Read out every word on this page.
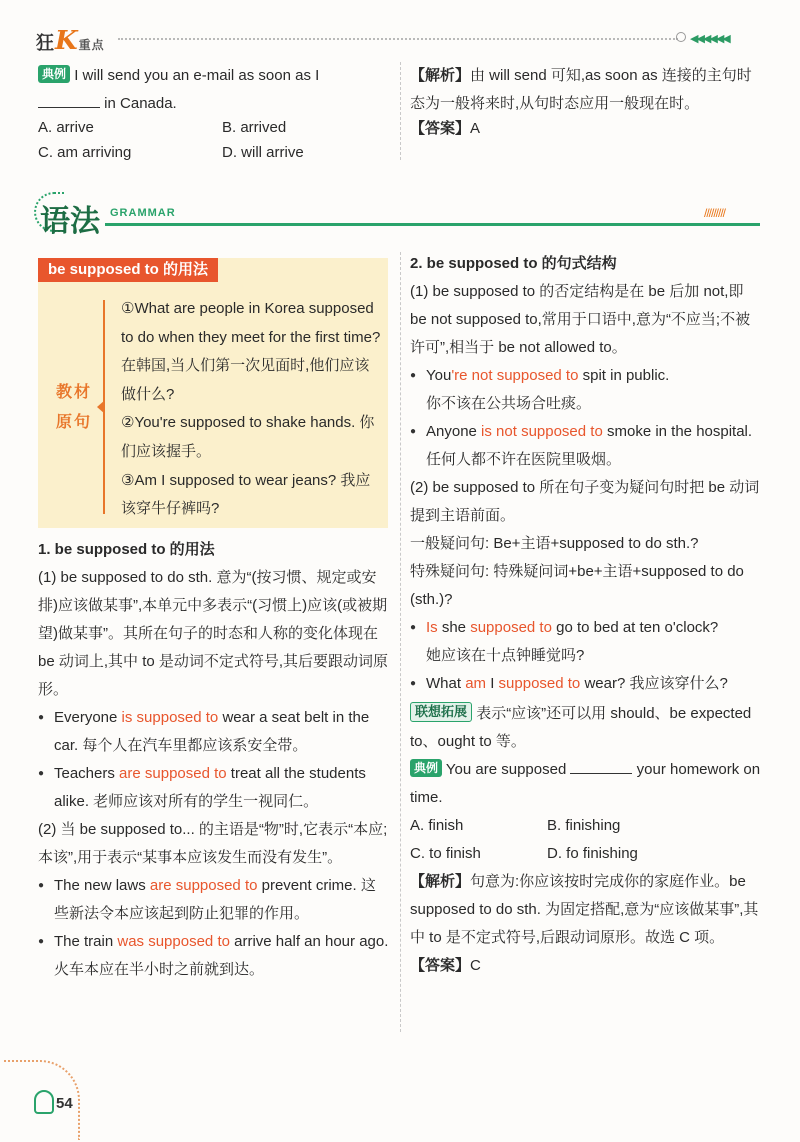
狂K重点	◀◀◀◀◀◀
典例 I will send you an e-mail as soon as I
in Canada.
A. arrive	B. arrived
C. am arriving	D. will arrive
【解析】由 will send 可知,as soon as 连接的主句时态为一般将来时,从句时态应用一般现在时。
【答案】A
语法 GRAMMAR	/////////
be supposed to 的用法
教材原句
①What are people in Korea supposed to do when they meet for the first time? 在韩国,当人们第一次见面时,他们应该做什么?
②You're supposed to shake hands. 你们应该握手。
③Am I supposed to wear jeans? 我应该穿牛仔裤吗?
1. be supposed to 的用法
(1) be supposed to do sth. 意为“(按习惯、规定或安排)应该做某事”,本单元中多表示“(习惯上)应该(或被期望)做某事”。其所在句子的时态和人称的变化体现在 be 动词上,其中 to 是动词不定式符号,其后要跟动词原形。
● Everyone is supposed to wear a seat belt in the car. 每个人在汽车里都应该系安全带。
● Teachers are supposed to treat all the students alike. 老师应该对所有的学生一视同仁。
(2) 当 be supposed to... 的主语是“物”时,它表示“本应;本该”,用于表示“某事本应该发生而没有发生”。
● The new laws are supposed to prevent crime. 这些新法令本应该起到防止犯罪的作用。
● The train was supposed to arrive half an hour ago. 火车本应在半小时之前就到达。
2. be supposed to 的句式结构
(1) be supposed to 的否定结构是在 be 后加 not,即 be not supposed to,常用于口语中,意为“不应当;不被许可”,相当于 be not allowed to。
● You're not supposed to spit in public.
你不该在公共场合吐痰。
● Anyone is not supposed to smoke in the hospital. 任何人都不许在医院里吸烟。
(2) be supposed to 所在句子变为疑问句时把 be 动词提到主语前面。
一般疑问句: Be+主语+supposed to do sth.?
特殊疑问句: 特殊疑问词+be+主语+supposed to do (sth.)?
● Is she supposed to go to bed at ten o'clock?
她应该在十点钟睡觉吗?
● What am I supposed to wear? 我应该穿什么?
联想拓展 表示“应该”还可以用 should、be expected to、ought to 等。
典例 You are supposed	your homework on time.
A. finish	B. finishing
C. to finish	D. fo finishing
【解析】句意为:你应该按时完成你的家庭作业。be supposed to do sth. 为固定搭配,意为“应该做某事”,其中 to 是不定式符号,后跟动词原形。故选 C 项。
【答案】C
54
